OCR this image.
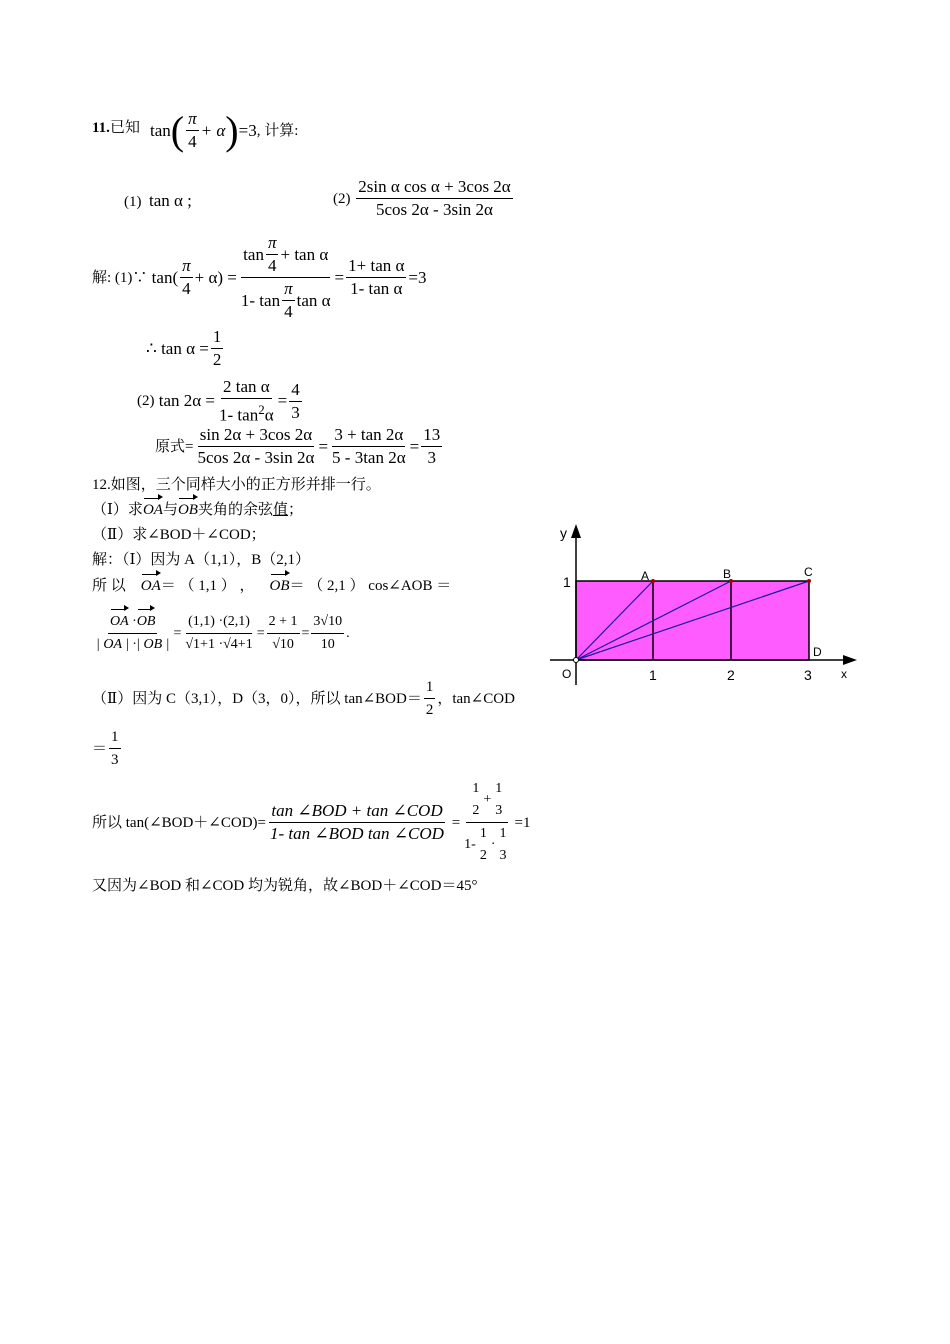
11.已知 tan ( $\frac{\pi}{4} + \alpha$ ) =3 , 计算:
(1) tan α ;	(2)
$\frac{\text{2sin α cos α + 3cos 2α}}{5\cos 2\alpha - 3\sin 2\alpha}$
解: (1)∵
$\tan( \frac{\pi}{4} + \alpha) = \frac{\tan \frac{\pi}{4} + \tan \alpha}{1- \tan \frac{\pi}{4} \tan \alpha} = \frac{\text{1+ tan α}}{\text{1- tan α}} =3$
∴ $\tan \alpha = \frac{1}{2}$
(2)
$\tan 2\alpha = \frac{\text{2 tan α}}{1- \tan^2\alpha} = \frac{4}{3}$
原式= $\frac{\sin 2\alpha + 3\cos 2\alpha}{5\cos 2\alpha - 3\sin 2\alpha} = \frac{3 + \tan 2\alpha}{5 - 3\tan 2\alpha} = \frac{13}{3}$
12.如图，三个同样大小的正方形并排一行。
（Ⅰ）求OA与OB夹角的余弦值；
（Ⅱ）求∠BOD＋∠COD；
解：（Ⅰ）因为 A（1,1），B（2,1）
所 以 OA＝ （ 1,1 ） ， OB＝ （ 2,1 ） cos∠AOB ＝
$\frac{OA \cdot OB}{| OA | \cdot| OB |} = \frac{(1,1) \cdot(2,1)}{√1+1 \cdot√4+1} = \frac{2 + 1}{√10} = \frac{3√10}{10}$ .
（Ⅱ）因为 C（3,1），D（3，0），所以 tan∠BOD＝ $\frac{1}{2}$ ，tan∠COD
＝ $\frac{1}{3}$
所以 tan(∠BOD＋∠COD)= $\frac{\text{tan ∠BOD + tan ∠COD}}{\text{1- tan ∠BOD tan ∠COD}}$
= 1
2
+
1
3
1-
1
2
·
1
3 =1
又因为∠BOD 和∠COD 均为锐角，故∠BOD＋∠COD＝45°
y
x
O	1	2	3
1	A	B	C
D
